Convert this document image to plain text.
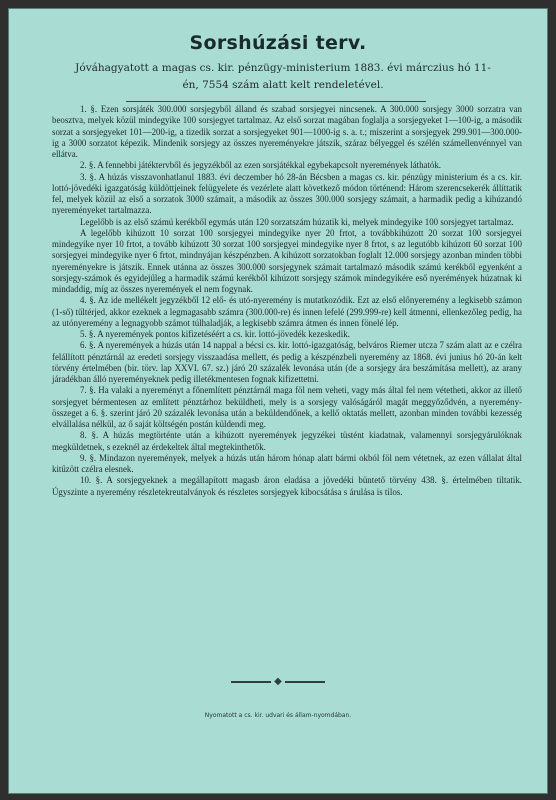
Sorshúzási terv.
Jóváhagyatott a magas cs. kir. pénzügy-ministerium 1883. évi márczius hó 11-én, 7554 szám alatt kelt rendeletével.

1. §. Ezen sorsjáték 300.000 sorsjegyből álland és szabad sorsjegyei nincsenek. A 300.000 sorsjegy 3000 sorzatra van beosztva, melyek közül mindegyike 100 sorsjegyet tartalmaz. Az első sorzat magában foglalja a sorsjegyeket 1—100-ig, a második sorzat a sorsjegyeket 101—200-ig, a tizedik sorzat a sorsjegyeket 901—1000-ig s. a. t.; miszerint a sorsjegyek 299.901—300.000-ig a 3000 sorzatot képezik. Mindenik sorsjegy az összes nyereményekre játszik, száraz bélyeggel és szélén számellenvénnyel van ellátva.

2. §. A fennebbi játéktervből és jegyzékből az ezen sorsjátékkal egybekapcsolt nyeremények láthatók.

3. §. A húzás visszavonhatlanul 1883. évi deczember hó 28-án Bécsben a magas cs. kir. pénzügy ministerium és a cs. kir. lottó-jövedéki igazgatóság küldöttjeinek felügyelete és vezérlete alatt következő módon történend: Három szerencsekerék állíttatik fel, melyek közül az első a sorzatok 3000 számait, a második az összes 300.000 sorsjegy számait, a harmadik pedig a kihúzandó nyereményeket tartalmazza.

Legelőbb is az első számú kerékből egymás után 120 sorzatszám húzatik ki, melyek mindegyike 100 sorsjegyet tartalmaz.

A legelőbb kihúzott 10 sorzat 100 sorsjegyei mindegyike nyer 20 frtot, a továbbkihúzott 20 sorzat 100 sorsjegyei mindegyike nyer 10 frtot, a tovább kihúzott 30 sorzat 100 sorsjegyei mindegyike nyer 8 frtot, s az legutóbb kihúzott 60 sorzat 100 sorsjegyei mindegyike nyer 6 frtot, mindnyájan készpénzben. A kihúzott sorzatokban foglalt 12.000 sorsjegy azonban minden többi nyereményekre is játszik. Ennek utánna az összes 300.000 sorsjegynek számait tartalmazó második számú kerékből egyenként a sorsjegy-számok és egyidejűleg a harmadik számú kerékből kihúzott sorsjegy számok mindegyikére eső nyerémények húzatnak ki mindaddig, míg az összes nyeremények el nem fogynak.

4. §. Az ide mellékelt jegyzékből 12 elő- és utó-nyeremény is mutatkozódik. Ezt az első előnyeremény a legkisebb számon (1-ső) tűltérjed, akkor ezeknek a legmagasabb számra (300.000-re) és innen lefelé (299.999-re) kell átmenni, ellenkezőleg pedig, ha az utónyeremény a legnagyobb számot túlhaladják, a legkisebb számra átmen és innen fönelé lép.

5. §. A nyeremények pontos kifizetéséért a cs. kir. lottó-jövedék kezeskedik.

6. §. A nyeremények a húzás után 14 nappal a bécsi cs. kir. lottó-igazgatóság, belváros Riemer utcza 7 szám alatt az e czélra felállított pénztárnál az eredeti sorsjegy visszaadása mellett, és pedig a készpénzbeli nyeremény az 1868. évi junius hó 20-án kelt törvény értelmében (bir. törv. lap XXVI. 67. sz.) járó 20 százalék levonása után (de a sorsjegy ára beszámítása mellett), az arany járadékban álló nyereményeknek pedig illetékmentesen fognak kifizettetni.

7. §. Ha valaki a nyereményt a főnemlített pénztárnál maga föl nem veheti, vagy más által fel nem vétetheti, akkor az illető sorsjegyet bérmentesen az említett pénztárhoz beküldheti, mely is a sorsjegy valóságáról magát meggyőződvén, a nyeremény-összeget a 6. §. szerint járó 20 százalék levonása után a beküldendőnek, a kellő oktatás mellett, azonban minden további kezesség elvállalása nélkül, az ő saját költségén postán küldendi meg.

8. §. A húzás megtörténte után a kihúzott nyeremények jegyzékei tüstént kiadatnak, valamennyi sorsjegyárulóknak megküldetnek, s ezeknél az érdekeltek által megtekinthetők.

9. §. Mindazon nyeremények, melyek a húzás után három hónap alatt bármi okból föl nem vétetnek, az ezen vállalat által kitűzött czélra elesnek.

10. §. A sorsjegyeknek a megállapított magasb áron eladása a jövedéki büntető törvény 438. §. értelmében tiltatik. Úgyszinte a nyeremény részletekreutalványok és részletes sorsjegyek kibocsátása s árulása is tilos.

◆
Nyomatott a cs. kir. udvari és állam-nyomdában.
